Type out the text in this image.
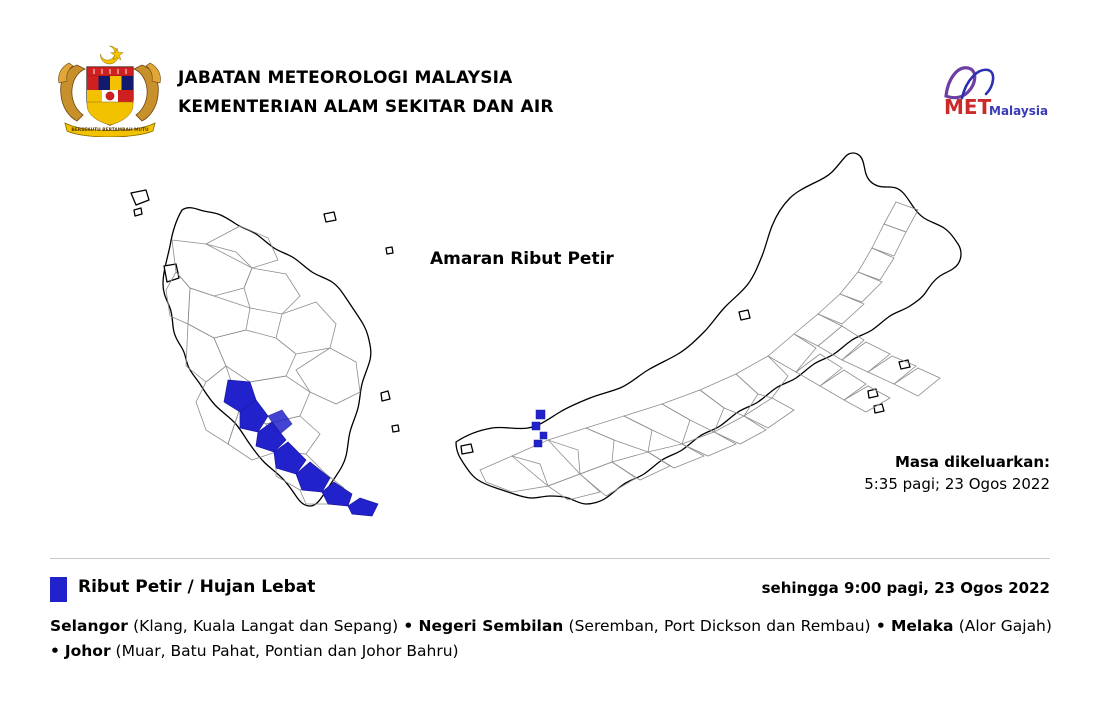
BERSEKUTU BERTAMBAH MUTU
JABATAN METEOROLOGI MALAYSIA
KEMENTERIAN ALAM SEKITAR DAN AIR	MET
Malaysia
Amaran Ribut Petir
Masa dikeluarkan:
5:35 pagi; 23 Ogos 2022
Ribut Petir / Hujan Lebat	sehingga 9:00 pagi, 23 Ogos 2022
Selangor (Klang, Kuala Langat dan Sepang) • Negeri Sembilan (Seremban, Port Dickson dan Rembau) • Melaka (Alor Gajah) • Johor (Muar, Batu Pahat, Pontian dan Johor Bahru)
